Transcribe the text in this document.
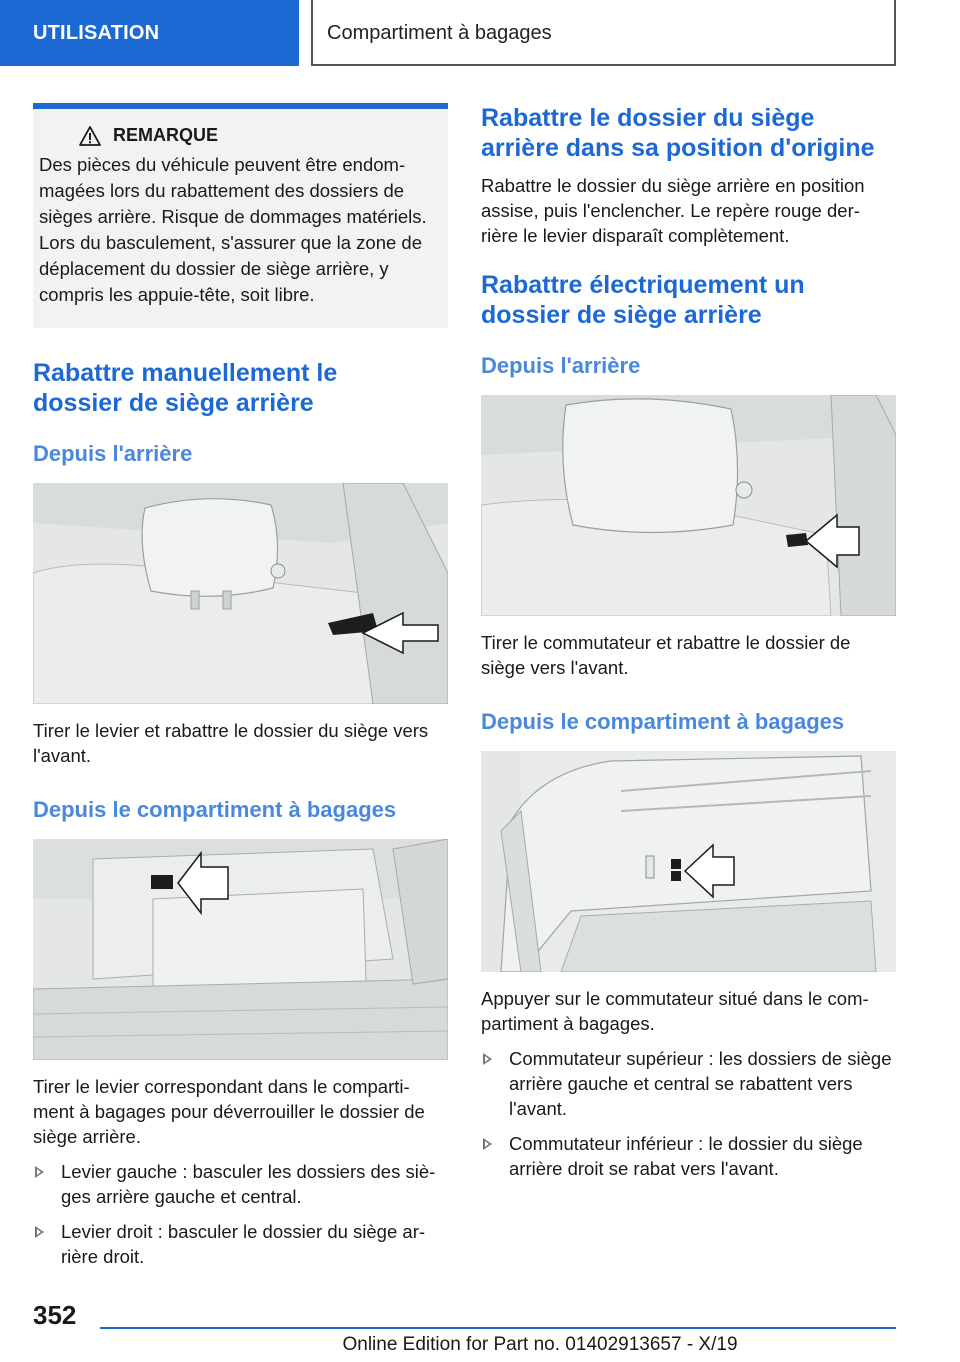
UTILISATION	Compartiment à bagages
REMARQUE
Des pièces du véhicule peuvent être endom-magées lors du rabattement des dossiers de sièges arrière. Risque de dommages matériels. Lors du basculement, s'assurer que la zone de déplacement du dossier de siège arrière, y compris les appuie-tête, soit libre.
Rabattre manuellement le dossier de siège arrière
Depuis l'arrière

Tirer le levier et rabattre le dossier du siège vers l'avant.

Depuis le compartiment à bagages

Tirer le levier correspondant dans le comparti-ment à bagages pour déverrouiller le dossier de siège arrière.

Levier gauche : basculer les dossiers des siè-ges arrière gauche et central.
Levier droit : basculer le dossier du siège ar-rière droit.
Rabattre le dossier du siège arrière dans sa position d'origine

Rabattre le dossier du siège arrière en position assise, puis l'enclencher. Le repère rouge der-rière le levier disparaît complètement.

Rabattre électriquement un dossier de siège arrière
Depuis l'arrière

Tirer le commutateur et rabattre le dossier de siège vers l'avant.

Depuis le compartiment à bagages

Appuyer sur le commutateur situé dans le com-partiment à bagages.

Commutateur supérieur : les dossiers de siège arrière gauche et central se rabattent vers l'avant.
Commutateur inférieur : le dossier du siège arrière droit se rabat vers l'avant.
352
Online Edition for Part no. 01402913657 - X/19
